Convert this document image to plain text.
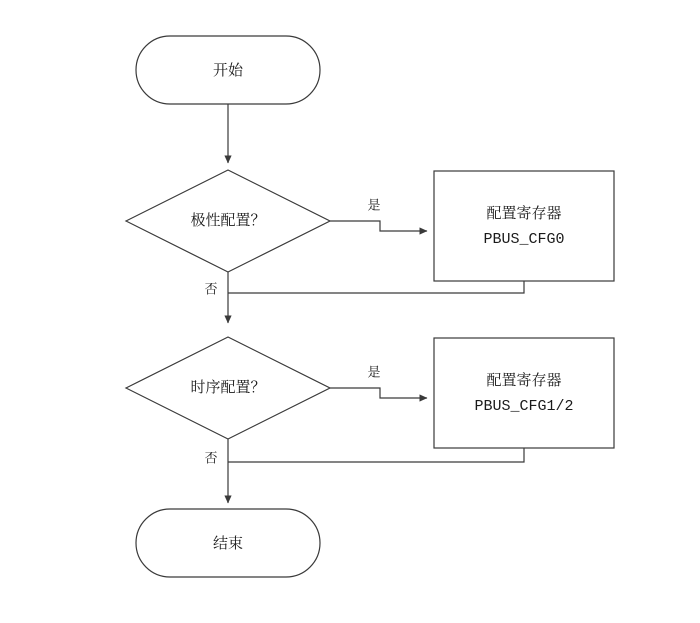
开始
极性配置？
是
配置寄存器
PBUS_CFG0
否
时序配置？
是
配置寄存器
PBUS_CFG1/2
否
结束
